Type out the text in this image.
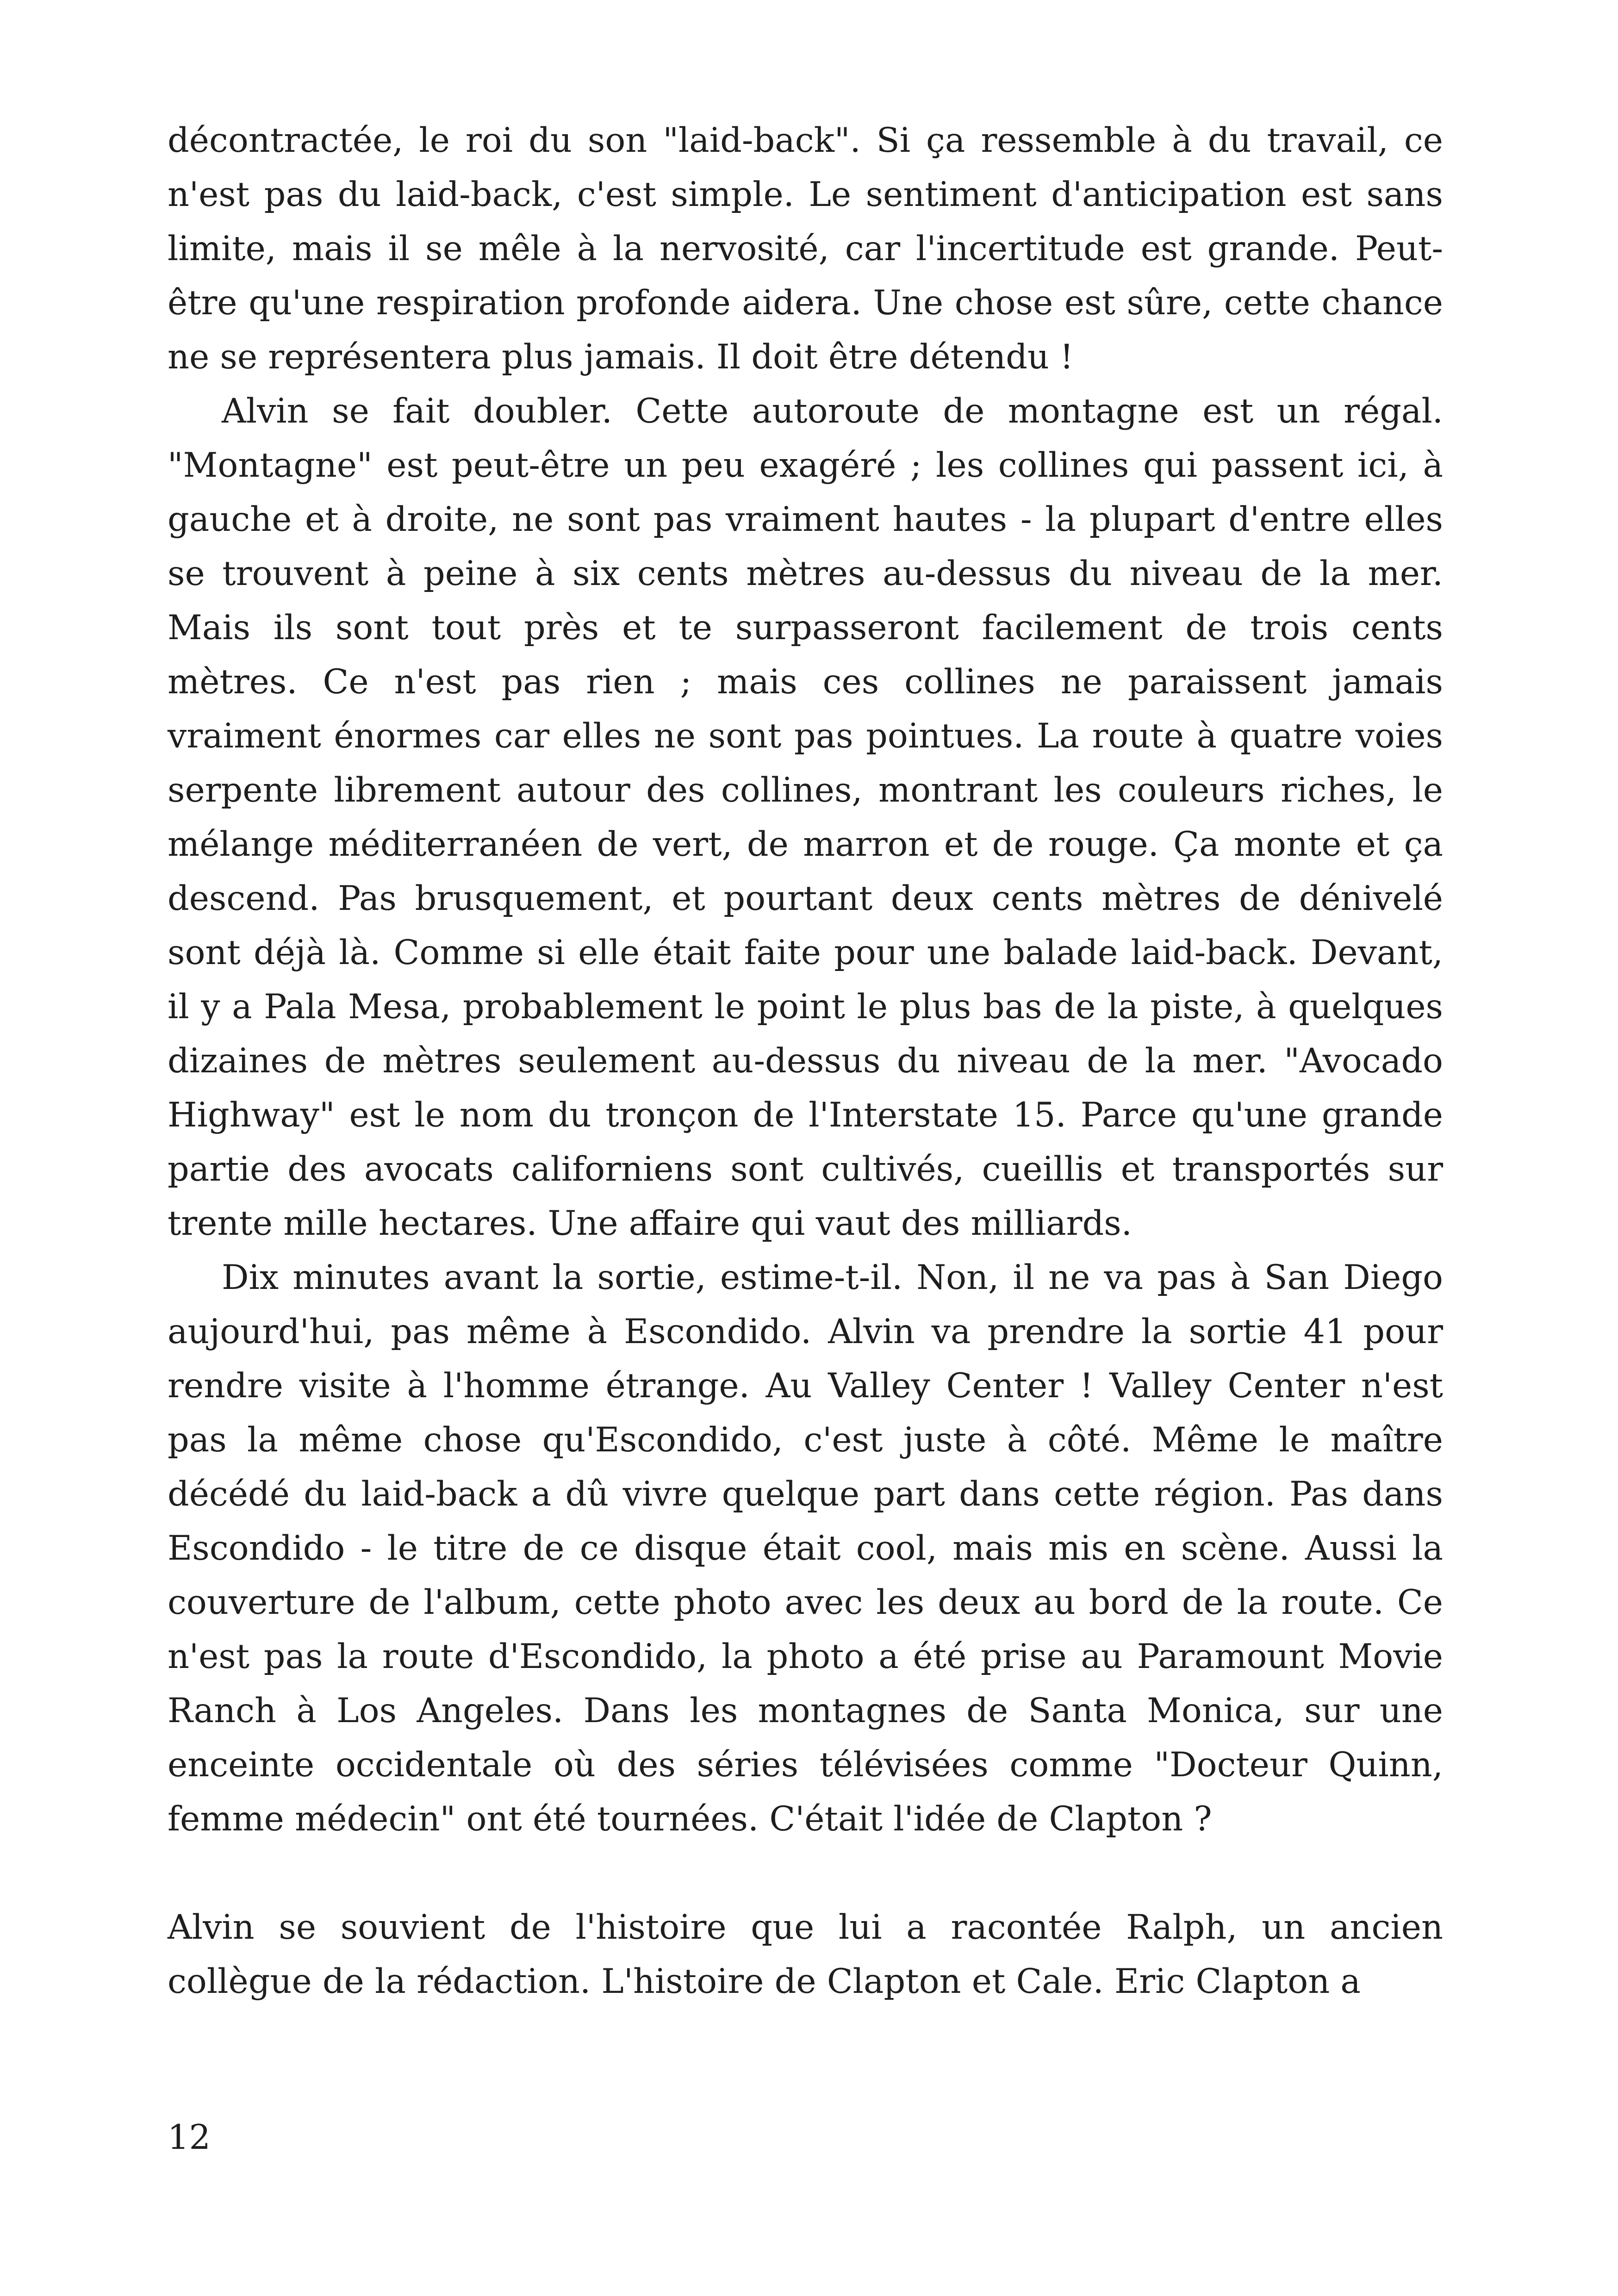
décontractée, le roi du son "laid-back". Si ça ressemble à du travail, ce n'est pas du laid-back, c'est simple. Le sentiment d'anticipation est sans limite, mais il se mêle à la nervosité, car l'incertitude est grande. Peut-être qu'une respiration profonde aidera. Une chose est sûre, cette chance ne se représentera plus jamais. Il doit être détendu !

Alvin se fait doubler. Cette autoroute de montagne est un régal. "Montagne" est peut-être un peu exagéré ; les collines qui passent ici, à gauche et à droite, ne sont pas vraiment hautes - la plupart d'entre elles se trouvent à peine à six cents mètres au-dessus du niveau de la mer. Mais ils sont tout près et te surpasseront facilement de trois cents mètres. Ce n'est pas rien ; mais ces collines ne paraissent jamais vraiment énormes car elles ne sont pas pointues. La route à quatre voies serpente librement autour des collines, montrant les couleurs riches, le mélange méditerranéen de vert, de marron et de rouge. Ça monte et ça descend. Pas brusquement, et pourtant deux cents mètres de dénivelé sont déjà là. Comme si elle était faite pour une balade laid-back. Devant, il y a Pala Mesa, probablement le point le plus bas de la piste, à quelques dizaines de mètres seulement au-dessus du niveau de la mer. "Avocado Highway" est le nom du tronçon de l'Interstate 15. Parce qu'une grande partie des avocats californiens sont cultivés, cueillis et transportés sur trente mille hectares. Une affaire qui vaut des milliards.

Dix minutes avant la sortie, estime-t-il. Non, il ne va pas à San Diego aujourd'hui, pas même à Escondido. Alvin va prendre la sortie 41 pour rendre visite à l'homme étrange. Au Valley Center ! Valley Center n'est pas la même chose qu'Escondido, c'est juste à côté. Même le maître décédé du laid-back a dû vivre quelque part dans cette région. Pas dans Escondido - le titre de ce disque était cool, mais mis en scène. Aussi la couverture de l'album, cette photo avec les deux au bord de la route. Ce n'est pas la route d'Escondido, la photo a été prise au Paramount Movie Ranch à Los Angeles. Dans les montagnes de Santa Monica, sur une enceinte occidentale où des séries télévisées comme "Docteur Quinn, femme médecin" ont été tournées. C'était l'idée de Clapton ?

Alvin se souvient de l'histoire que lui a racontée Ralph, un ancien collègue de la rédaction. L'histoire de Clapton et Cale. Eric Clapton a

12
